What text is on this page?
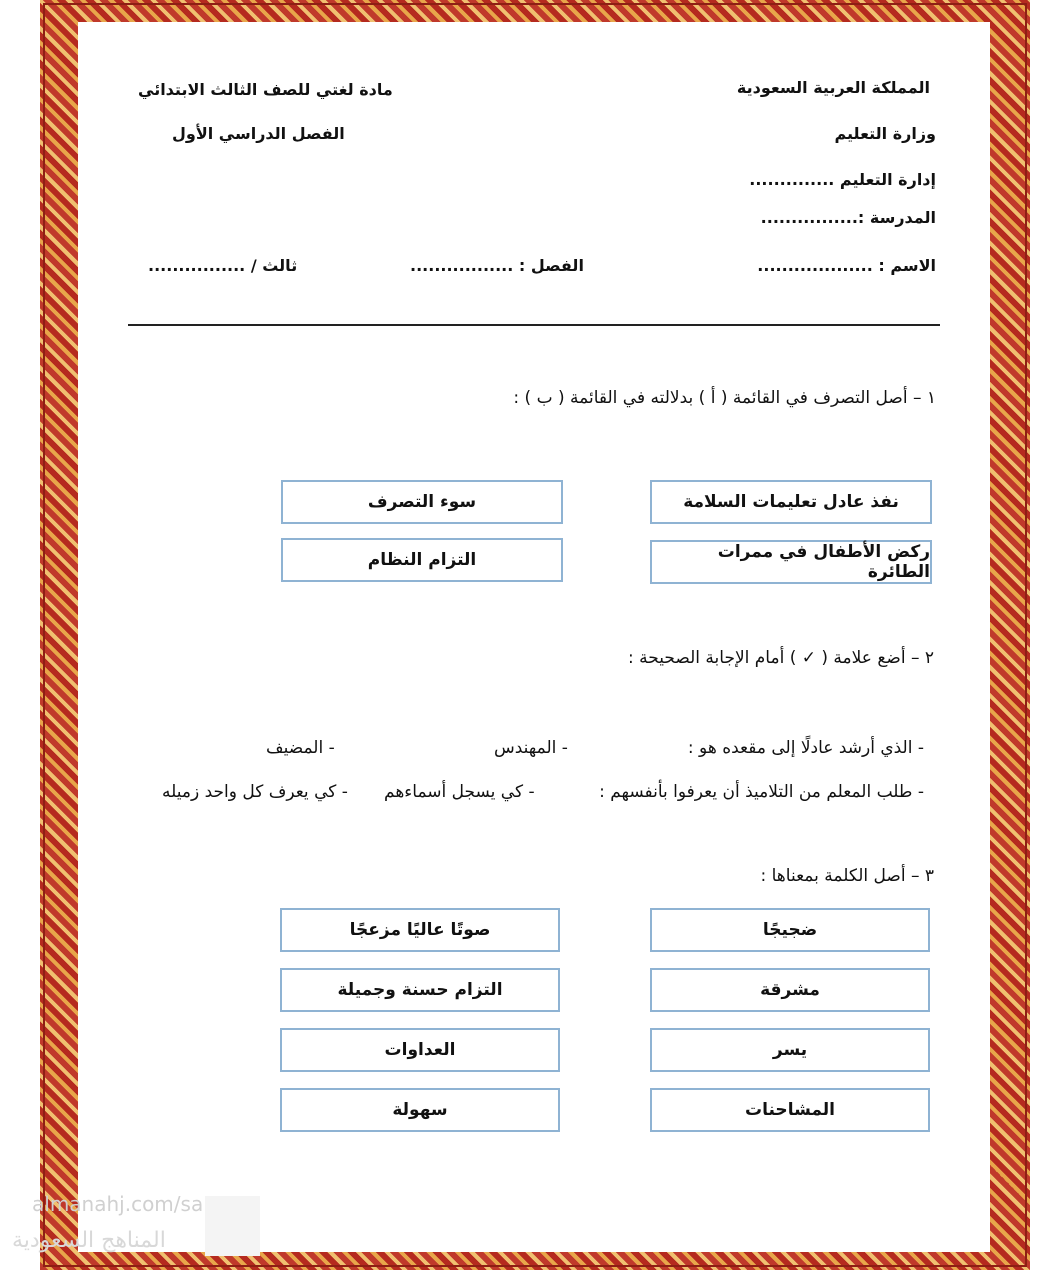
المملكة العربية السعودية
وزارة التعليم
إدارة التعليم ..............
المدرسة :................
الاسم : ...................
مادة لغتي للصف الثالث الابتدائي
الفصل الدراسي الأول
الفصل : .................
ثالث / ................
١ – أصل التصرف في القائمة ( أ ) بدلالته في القائمة ( ب ) :
نفذ عادل تعليمات السلامة
ركض الأطفال في ممرات الطائرة
سوء التصرف
التزام النظام
٢ – أضع علامة ( ✓ ) أمام الإجابة الصحيحة :
- الذي أرشد عادلًا إلى مقعده هو :
- المهندس
- المضيف
- طلب المعلم من التلاميذ أن يعرفوا بأنفسهم :
- كي يسجل أسماءهم
- كي يعرف كل واحد زميله
٣ – أصل الكلمة بمعناها :
ضجيجًا
مشرقة
يسر
المشاحنات
صوتًا عاليًا مزعجًا
التزام حسنة وجميلة
العداوات
سهولة
almanahj.com/sa
المناهج السعودية
